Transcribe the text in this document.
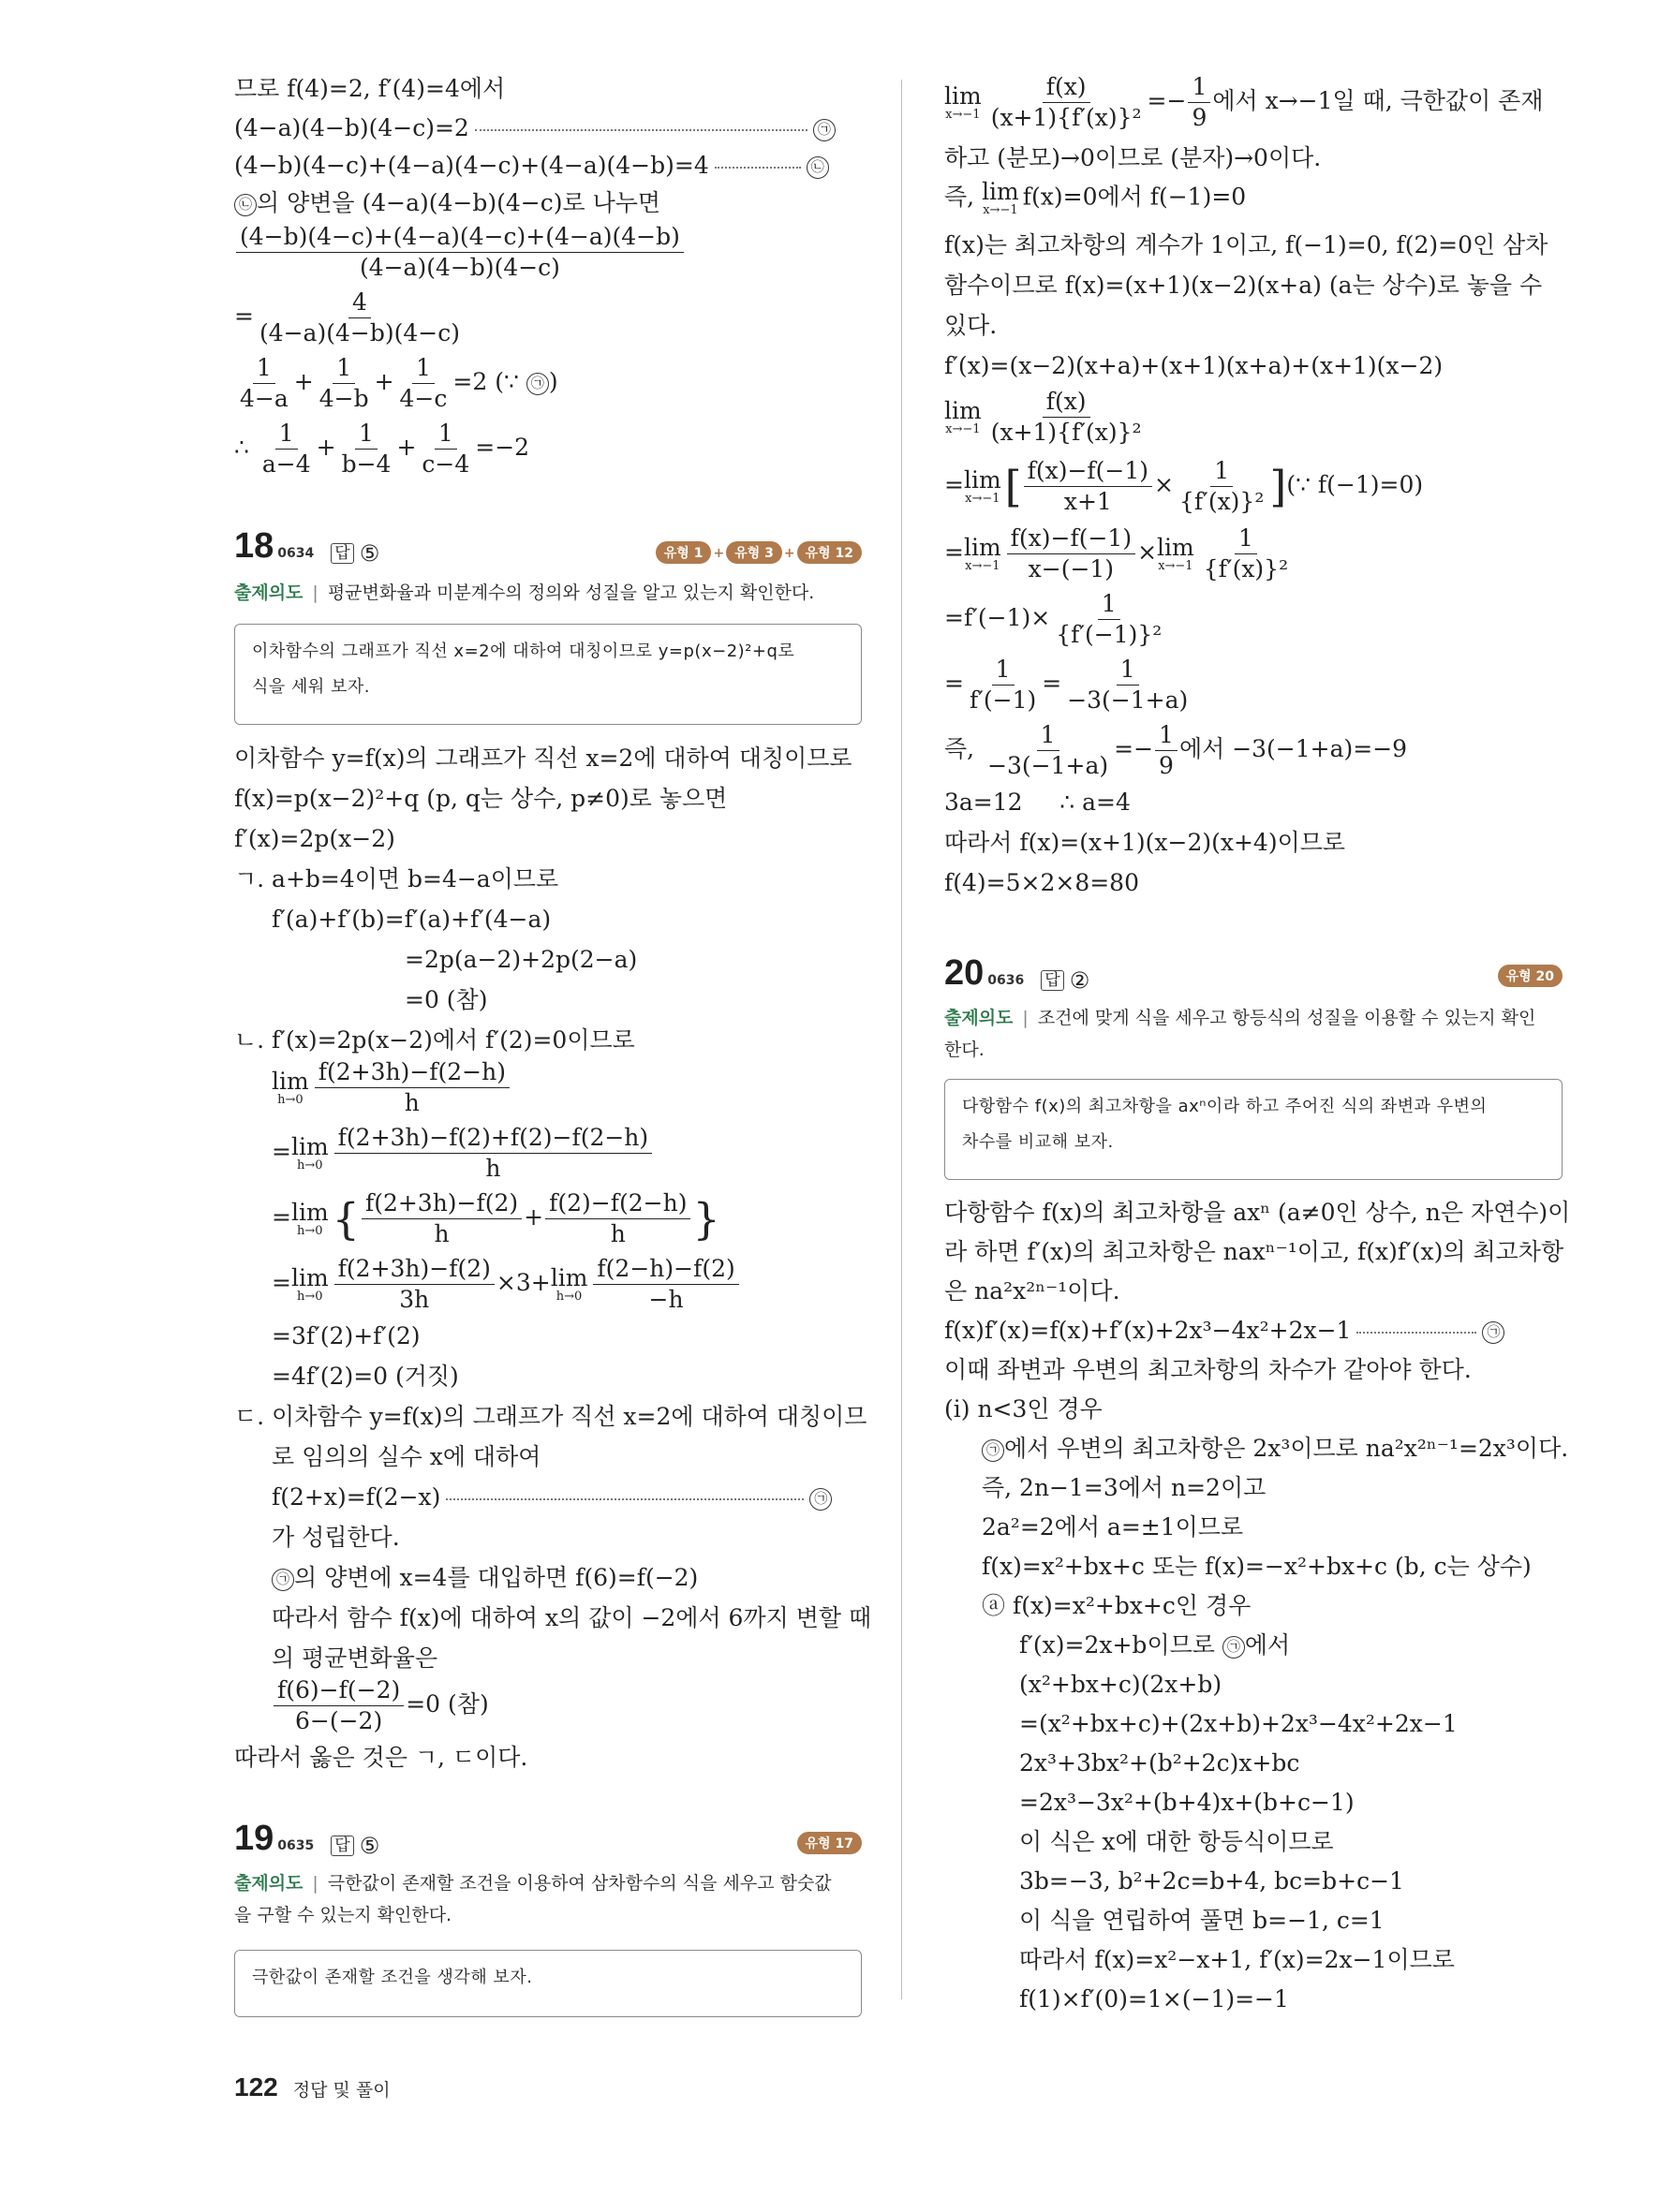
므로 f(4)=2, f′(4)=4에서
(4−a)(4−b)(4−c)=2	㉠
(4−b)(4−c)+(4−a)(4−c)+(4−a)(4−b)=4	㉡
㉡ 의 양변을 (4−a)(4−b)(4−c)로 나누면
$\frac{(4-b)(4-c)+(4-a)(4-c)+(4-a)(4-b)}{(4-a)(4-b)(4-c)}$
= $\frac{4}{(4-a)(4-b)(4-c)}$
$\frac{1}{4-a} + \frac{1}{4-b} + \frac{1}{4-c} =2$ (∵ ㉠ )
∴ $\frac{1}{a-4} + \frac{1}{b-4} + \frac{1}{c-4} =-2$
18 0634 답 ⑤	유형 1 + 유형 3 + 유형 12
출제의도 | 평균변화율과 미분계수의 정의와 성질을 알고 있는지 확인한다.
이차함수의 그래프가 직선 x=2에 대하여 대칭이므로 y=p(x−2)²+q로
식을 세워 보자.
이차함수 y=f(x)의 그래프가 직선 x=2에 대하여 대칭이므로
f(x)=p(x−2)²+q (p, q는 상수, p≠0)로 놓으면
f′(x)=2p(x−2)
ㄱ. a+b=4이면 b=4−a이므로
f′(a)+f′(b)=f′(a)+f′(4−a)
=2p(a−2)+2p(2−a)
=0 (참)
ㄴ. f′(x)=2p(x−2)에서 f′(2)=0이므로
lim
$h\to 0 \frac{f(2+3h)-f(2-h)}{h}$
= lim
$h\to 0 \frac{f(2+3h)-f(2)+f(2)-f(2-h)}{h}$
= lim
h→0 { $\frac{f(2+3h)-f(2)}{h} + \frac{f(2)-f(2-h)}{h}$ }
= lim
$h\to 0 \frac{f(2+3h)-f(2)}{3h} \times 3+ \lim$
$h\to 0 \frac{f(2-h)-f(2)}{-h}$
=3f′(2)+f′(2)
=4f′(2)=0 (거짓)
ㄷ. 이차함수 y=f(x)의 그래프가 직선 x=2에 대하여 대칭이므
로 임의의 실수 x에 대하여
f(2+x)=f(2−x)	㉠
가 성립한다.
㉠ 의 양변에 x=4를 대입하면 f(6)=f(−2)
따라서 함수 f(x)에 대하여 x의 값이 −2에서 6까지 변할 때
의 평균변화율은
$\frac{f(6)-f(-2)}{6-(-2)} =0$ (참)
따라서 옳은 것은 ㄱ, ㄷ이다.
19 0635 답 ⑤	유형 17
출제의도 | 극한값이 존재할 조건을 이용하여 삼차함수의 식을 세우고 함숫값
을 구할 수 있는지 확인한다.
극한값이 존재할 조건을 생각해 보자.
lim
$x\to-1 \frac{f(x)}{\text{(x+1)\{f′(x)\}²}} =- \frac{1}{9}$ 에서 x→−1일 때, 극한값이 존재
하고 (분모)→0이므로 (분자)→0이다.
즉, lim
x→−1 f(x)=0에서 f(−1)=0
f(x)는 최고차항의 계수가 1이고, f(−1)=0, f(2)=0인 삼차
함수이므로 f(x)=(x+1)(x−2)(x+a) (a는 상수)로 놓을 수
있다.
f′(x)=(x−2)(x+a)+(x+1)(x+a)+(x+1)(x−2)
lim
$x\to-1 \frac{f(x)}{\text{(x+1)\{f′(x)\}²}}$
= lim
x→−1 [ $\frac{f(x)-f(-1)}{x+1} \times \frac{1}{\text{\{f′(x)\}²}}$ ](∵ f(−1)=0)
= lim
$x\to-1 \frac{f(x)-f(-1)}{x-(-1)} \times \lim$
$x\to-1 \frac{1}{\text{\{f′(x)\}²}}$
$=f'(-1)\times \frac{1}{\text{\{f′(−1)\}²}}$
= $\frac{1}{f'(-1)} = \frac{1}{-3(-1+a)}$
즉, $\frac{1}{-3(-1+a)} =- \frac{1}{9}$ 에서 −3(−1+a)=−9
3a=12     ∴ a=4
따라서 f(x)=(x+1)(x−2)(x+4)이므로
f(4)=5×2×8=80
20 0636 답 ②	유형 20
출제의도 | 조건에 맞게 식을 세우고 항등식의 성질을 이용할 수 있는지 확인
한다.
다항함수 f(x)의 최고차항을 axⁿ이라 하고 주어진 식의 좌변과 우변의
차수를 비교해 보자.
다항함수 f(x)의 최고차항을 axⁿ (a≠0인 상수, n은 자연수)이
라 하면 f′(x)의 최고차항은 naxⁿ⁻¹이고, f(x)f′(x)의 최고차항
은 na²x²ⁿ⁻¹이다.
f(x)f′(x)=f(x)+f′(x)+2x³−4x²+2x−1	㉠
이때 좌변과 우변의 최고차항의 차수가 같아야 한다.
(ⅰ) n<3인 경우
㉠ 에서 우변의 최고차항은 2x³이므로 na²x²ⁿ⁻¹=2x³이다.
즉, 2n−1=3에서 n=2이고
2a²=2에서 a=±1이므로
f(x)=x²+bx+c 또는 f(x)=−x²+bx+c (b, c는 상수)
ⓐ f(x)=x²+bx+c인 경우
f′(x)=2x+b이므로 ㉠ 에서
(x²+bx+c)(2x+b)
=(x²+bx+c)+(2x+b)+2x³−4x²+2x−1
2x³+3bx²+(b²+2c)x+bc
=2x³−3x²+(b+4)x+(b+c−1)
이 식은 x에 대한 항등식이므로
3b=−3, b²+2c=b+4, bc=b+c−1
이 식을 연립하여 풀면 b=−1, c=1
따라서 f(x)=x²−x+1, f′(x)=2x−1이므로
f(1)×f′(0)=1×(−1)=−1
122 정답 및 풀이
